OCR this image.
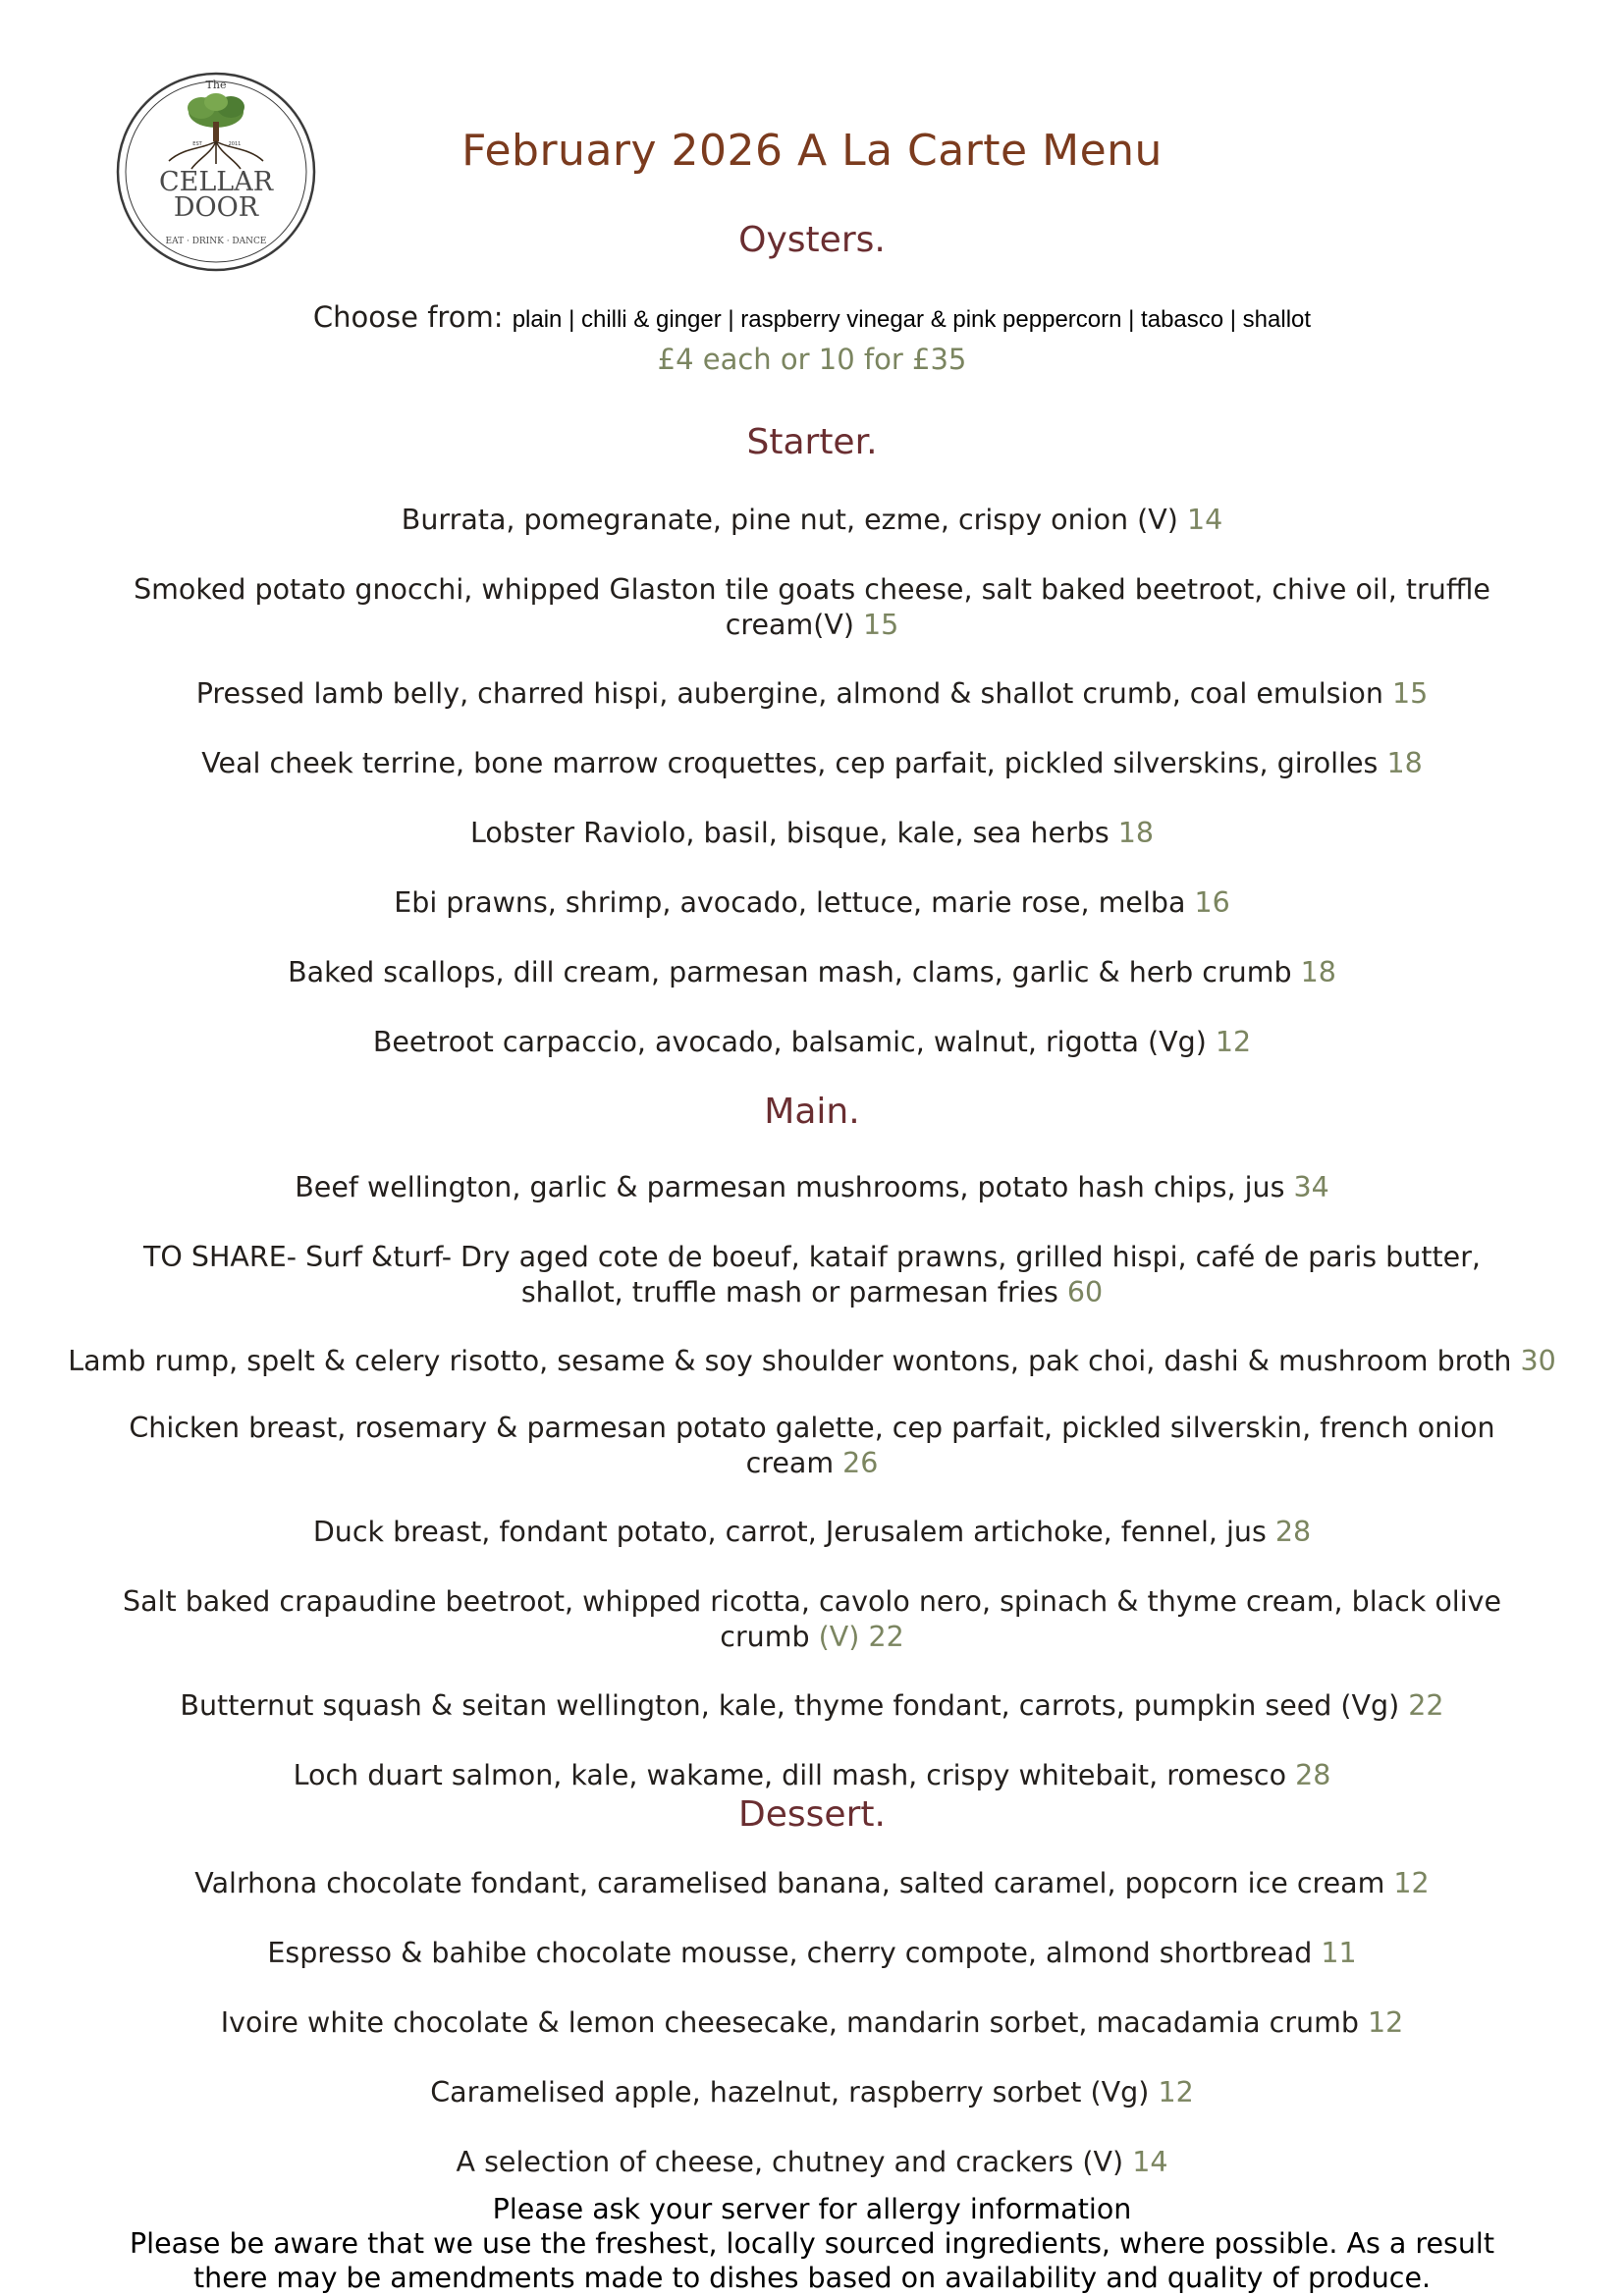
The
EST	2011
CELLAR
DOOR
EAT · DRINK · DANCE
February 2026 A La Carte Menu
Oysters.
Choose from: plain | chilli & ginger | raspberry vinegar & pink peppercorn | tabasco | shallot
£4 each or 10 for £35
Starter.
Burrata, pomegranate, pine nut, ezme, crispy onion (V) 14
Smoked potato gnocchi, whipped Glaston tile goats cheese, salt baked beetroot, chive oil, truffle cream(V) 15
Pressed lamb belly, charred hispi, aubergine, almond & shallot crumb, coal emulsion 15
Veal cheek terrine, bone marrow croquettes, cep parfait, pickled silverskins, girolles 18
Lobster Raviolo, basil, bisque, kale, sea herbs 18
Ebi prawns, shrimp, avocado, lettuce, marie rose, melba 16
Baked scallops, dill cream, parmesan mash, clams, garlic & herb crumb 18
Beetroot carpaccio, avocado, balsamic, walnut, rigotta (Vg) 12
Main.
Beef wellington, garlic & parmesan mushrooms, potato hash chips, jus 34
TO SHARE- Surf &turf- Dry aged cote de boeuf, kataif prawns, grilled hispi, café de paris butter, shallot, truffle mash or parmesan fries 60
Lamb rump, spelt & celery risotto, sesame & soy shoulder wontons, pak choi, dashi & mushroom broth 30
Chicken breast, rosemary & parmesan potato galette, cep parfait, pickled silverskin, french onion cream 26
Duck breast, fondant potato, carrot, Jerusalem artichoke, fennel, jus 28
Salt baked crapaudine beetroot, whipped ricotta, cavolo nero, spinach & thyme cream, black olive crumb (V) 22
Butternut squash & seitan wellington, kale, thyme fondant, carrots, pumpkin seed (Vg) 22
Loch duart salmon, kale, wakame, dill mash, crispy whitebait, romesco 28
Dessert.
Valrhona chocolate fondant, caramelised banana, salted caramel, popcorn ice cream 12
Espresso & bahibe chocolate mousse, cherry compote, almond shortbread 11
Ivoire white chocolate & lemon cheesecake, mandarin sorbet, macadamia crumb 12
Caramelised apple, hazelnut, raspberry sorbet (Vg) 12
A selection of cheese, chutney and crackers (V) 14
Please ask your server for allergy information
Please be aware that we use the freshest, locally sourced ingredients, where possible. As a result there may be amendments made to dishes based on availability and quality of produce.
